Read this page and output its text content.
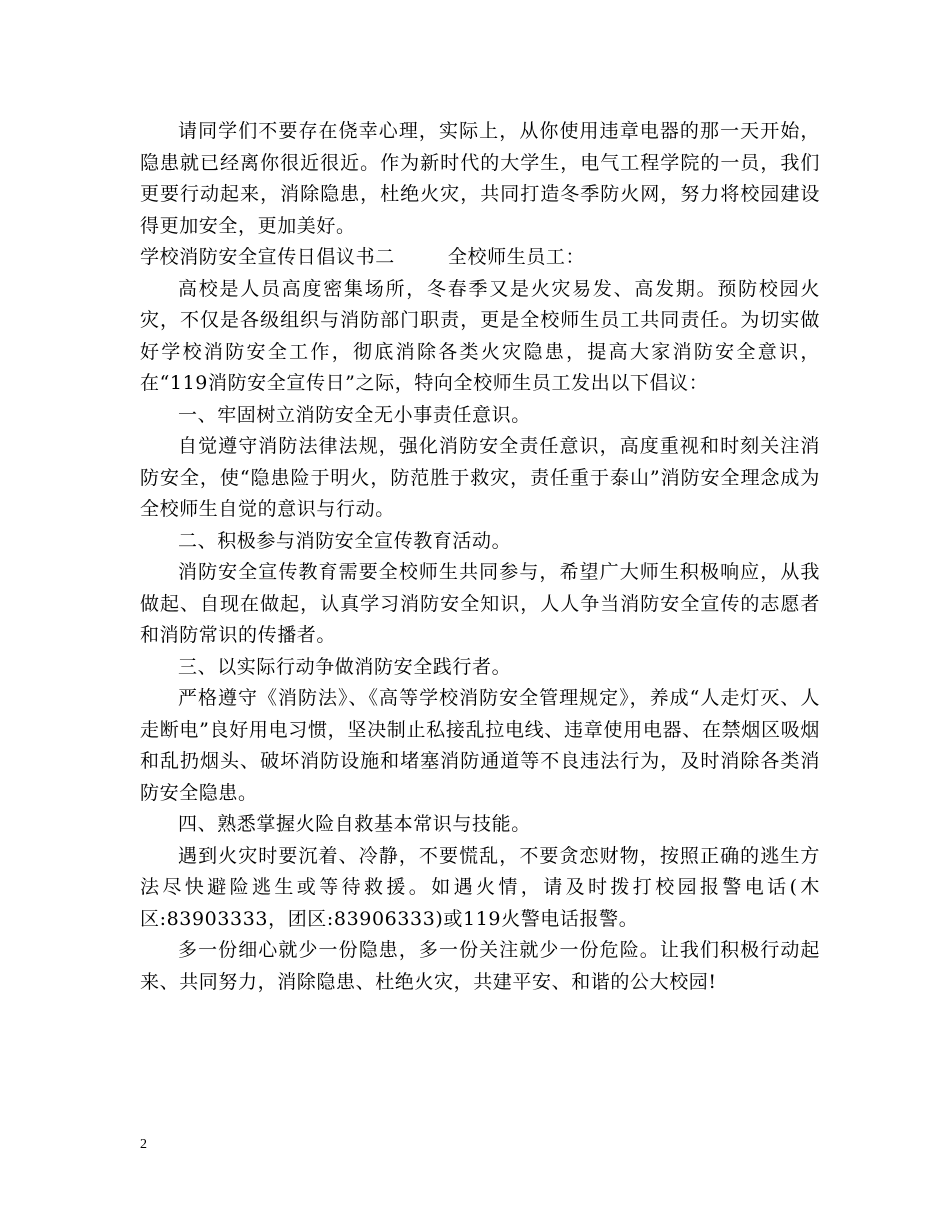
请同学们不要存在侥幸心理，实际上，从你使用违章电器的那一天开始，隐患就已经离你很近很近。作为新时代的大学生，电气工程学院的一员，我们更要行动起来，消除隐患，杜绝火灾，共同打造冬季防火网，努力将校园建设得更加安全，更加美好。

学校消防安全宣传日倡议书二        全校师生员工：

高校是人员高度密集场所，冬春季又是火灾易发、高发期。预防校园火灾，不仅是各级组织与消防部门职责，更是全校师生员工共同责任。为切实做好学校消防安全工作，彻底消除各类火灾隐患，提高大家消防安全意识，在“119消防安全宣传日”之际，特向全校师生员工发出以下倡议：

一、牢固树立消防安全无小事责任意识。

自觉遵守消防法律法规，强化消防安全责任意识，高度重视和时刻关注消防安全，使“隐患险于明火，防范胜于救灾，责任重于泰山”消防安全理念成为全校师生自觉的意识与行动。

二、积极参与消防安全宣传教育活动。

消防安全宣传教育需要全校师生共同参与，希望广大师生积极响应，从我做起、自现在做起，认真学习消防安全知识，人人争当消防安全宣传的志愿者和消防常识的传播者。

三、以实际行动争做消防安全践行者。

严格遵守《消防法》、《高等学校消防安全管理规定》，养成“人走灯灭、人走断电”良好用电习惯，坚决制止私接乱拉电线、违章使用电器、在禁烟区吸烟和乱扔烟头、破坏消防设施和堵塞消防通道等不良违法行为，及时消除各类消防安全隐患。

四、熟悉掌握火险自救基本常识与技能。

遇到火灾时要沉着、冷静，不要慌乱，不要贪恋财物，按照正确的逃生方法尽快避险逃生或等待救援。如遇火情，请及时拨打校园报警电话(木区:83903333，团区:83906333)或119火警电话报警。

多一份细心就少一份隐患，多一份关注就少一份危险。让我们积极行动起来、共同努力，消除隐患、杜绝火灾，共建平安、和谐的公大校园!

2
